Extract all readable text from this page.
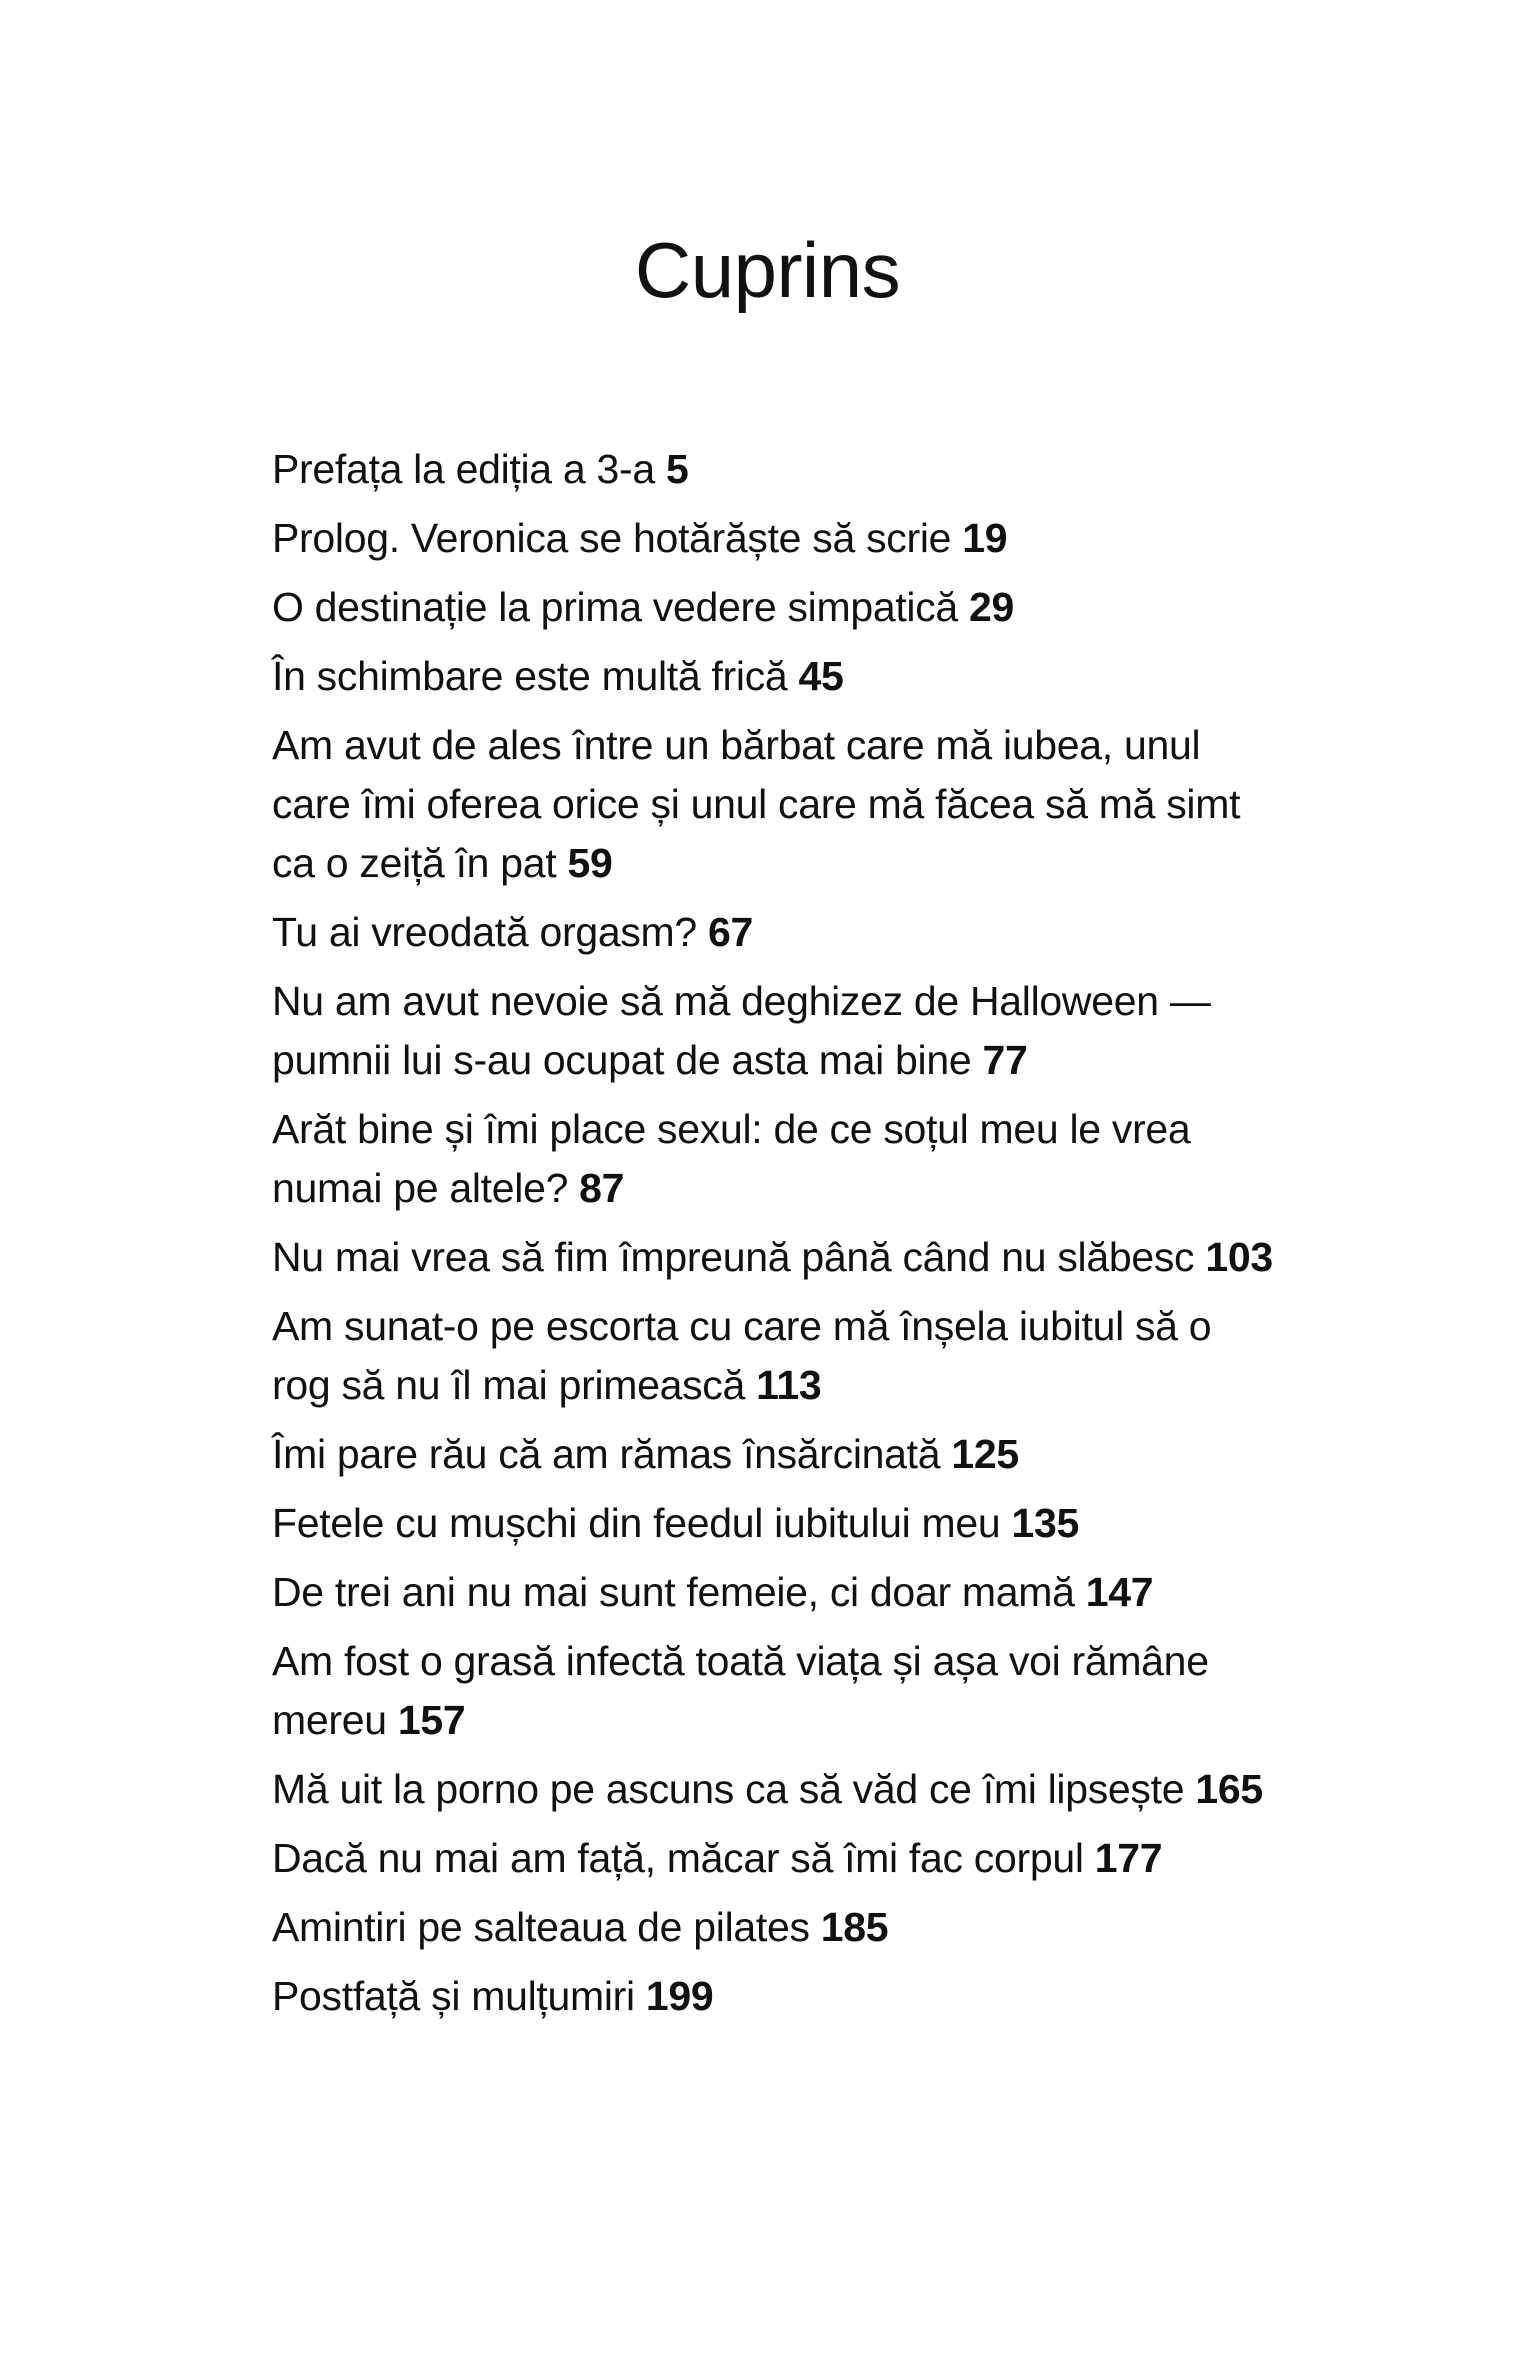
Cuprins
Prefața la ediția a 3-a 5
Prolog. Veronica se hotărăște să scrie 19
O destinație la prima vedere simpatică 29
În schimbare este multă frică 45
Am avut de ales între un bărbat care mă iubea, unul
care îmi oferea orice și unul care mă făcea să mă simt
ca o zeiță în pat 59
Tu ai vreodată orgasm? 67
Nu am avut nevoie să mă deghizez de Halloween —
pumnii lui s-au ocupat de asta mai bine 77
Arăt bine și îmi place sexul: de ce soțul meu le vrea
numai pe altele? 87
Nu mai vrea să fim împreună până când nu slăbesc 103
Am sunat-o pe escorta cu care mă înșela iubitul să o
rog să nu îl mai primească 113
Îmi pare rău că am rămas însărcinată 125
Fetele cu mușchi din feedul iubitului meu 135
De trei ani nu mai sunt femeie, ci doar mamă 147
Am fost o grasă infectă toată viața și așa voi rămâne
mereu 157
Mă uit la porno pe ascuns ca să văd ce îmi lipsește 165
Dacă nu mai am față, măcar să îmi fac corpul 177
Amintiri pe salteaua de pilates 185
Postfață și mulțumiri 199
